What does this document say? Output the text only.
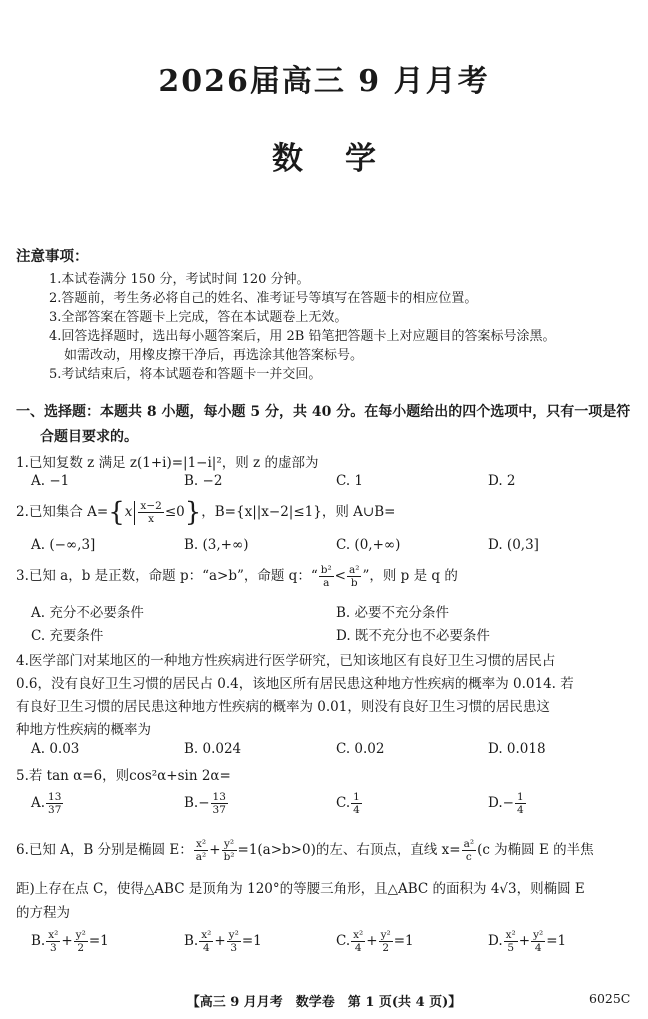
2026届高三 9 月月考
数学
注意事项：
1.本试卷满分 150 分，考试时间 120 分钟。
2.答题前，考生务必将自己的姓名、准考证号等填写在答题卡的相应位置。
3.全部答案在答题卡上完成，答在本试题卷上无效。
4.回答选择题时，选出每小题答案后，用 2B 铅笔把答题卡上对应题目的答案标号涂黑。
如需改动，用橡皮擦干净后，再选涂其他答案标号。
5.考试结束后，将本试题卷和答题卡一并交回。
一、选择题：本题共 8 小题，每小题 5 分，共 40 分。在每小题给出的四个选项中，只有一项是符
合题目要求的。
1.已知复数 z 满足 z(1+i)=|1−i|²，则 z 的虚部为
A. −1	B. −2	C. 1	D. 2
2.已知集合 $A=\{x \frac{x-2}{x} \le 0\}$，B={x||x−2|≤1}，则 A∪B=
A. (−∞,3]	B. (3,+∞)	C. (0,+∞)	D. (0,3]
3.已知 a，b 是正数，命题 p：“a>b”，命题 q：“ $\frac{\text{b²}}{a} < \frac{\text{a²}}{b}$ ”，则 p 是 q 的
A. 充分不必要条件	B. 必要不充分条件
C. 充要条件	D. 既不充分也不必要条件
4.医学部门对某地区的一种地方性疾病进行医学研究，已知该地区有良好卫生习惯的居民占
0.6，没有良好卫生习惯的居民占 0.4，该地区所有居民患这种地方性疾病的概率为 0.014. 若
有良好卫生习惯的居民患这种地方性疾病的概率为 0.01，则没有良好卫生习惯的居民患这
种地方性疾病的概率为
A. 0.03	B. 0.024	C. 0.02	D. 0.018
5.若 tan α=6，则cos²α+sin 2α=
A. $\frac{13}{37}$	$B.- \frac{13}{37}$	C. $\frac{1}{4}$	$D.- \frac{1}{4}$
6.已知 A，B 分别是椭圆 E： $\frac{\text{x²}}{\text{a²}} + \frac{\text{y²}}{\text{b²}} =1(a>b>0)$的左、右顶点，直线 $x= \frac{\text{a²}}{c} (c$ 为椭圆 E 的半焦
距)上存在点 C，使得△ABC 是顶角为 120°的等腰三角形，且△ABC 的面积为 4√3，则椭圆 E
的方程为
B. $\frac{\text{x²}}{3} + \frac{\text{y²}}{2} =1$	B. $\frac{\text{x²}}{4} + \frac{\text{y²}}{3} =1$	C. $\frac{\text{x²}}{4} + \frac{\text{y²}}{2} =1$	D. $\frac{\text{x²}}{5} + \frac{\text{y²}}{4} =1$
【高三 9 月月考　数学卷　第 1 页(共 4 页)】	6025C
